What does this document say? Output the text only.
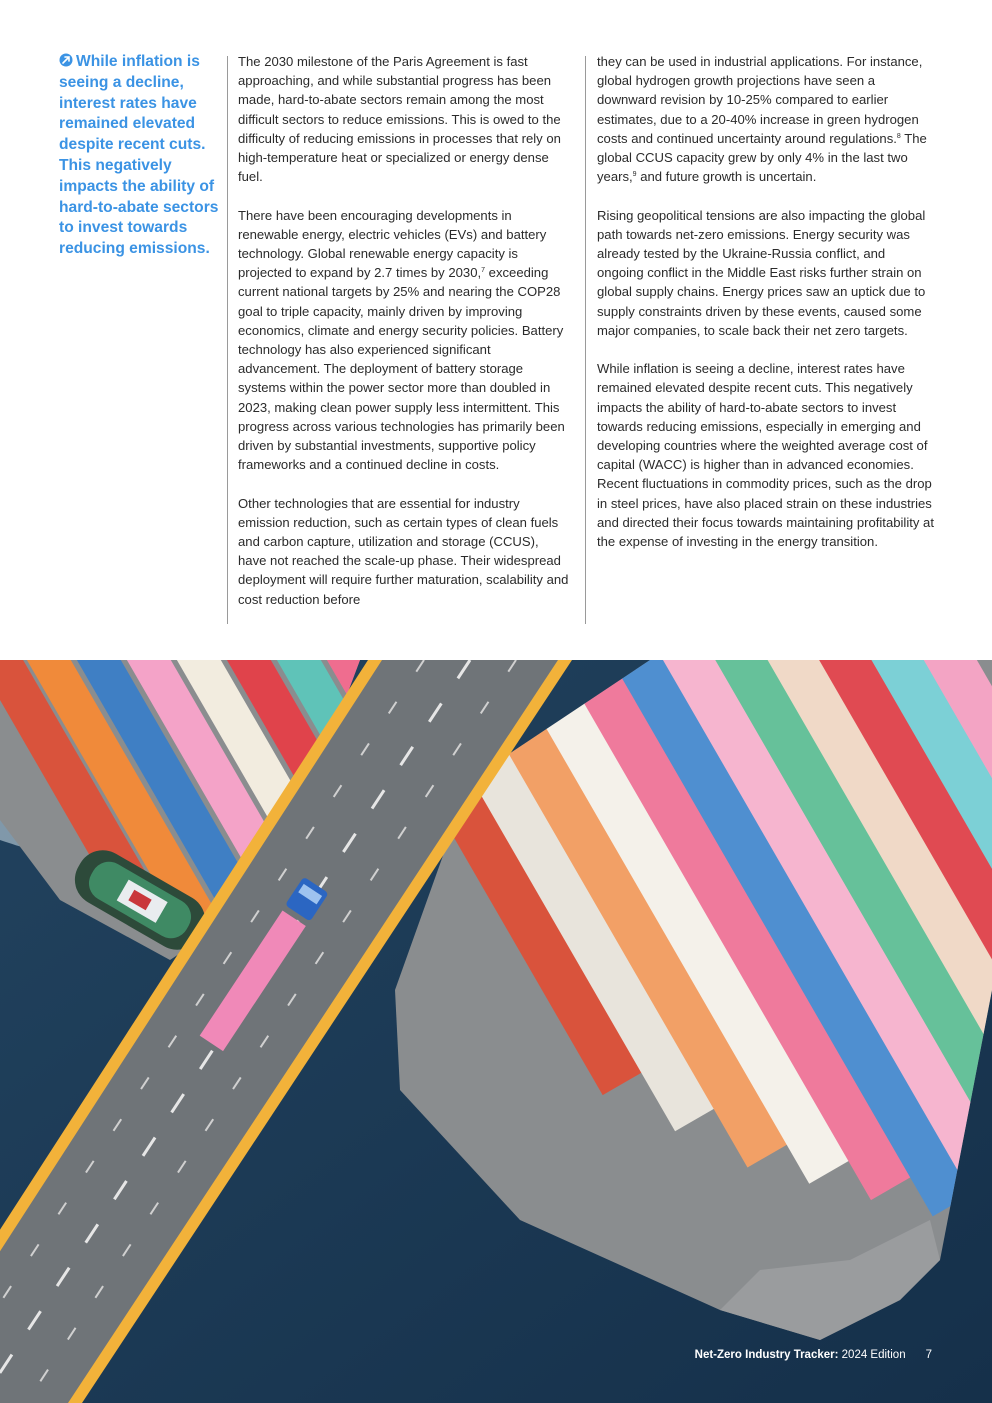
While inflation is seeing a decline, interest rates have remained elevated despite recent cuts. This negatively impacts the ability of hard-to-abate sectors to invest towards reducing emissions.

The 2030 milestone of the Paris Agreement is fast approaching, and while substantial progress has been made, hard-to-abate sectors remain among the most difficult sectors to reduce emissions. This is owed to the difficulty of reducing emissions in processes that rely on high-temperature heat or specialized or energy dense fuel.

There have been encouraging developments in renewable energy, electric vehicles (EVs) and battery technology. Global renewable energy capacity is projected to expand by 2.7 times by 2030,$^7$ exceeding current national targets by 25% and nearing the COP28 goal to triple capacity, mainly driven by improving economics, climate and energy security policies. Battery technology has also experienced significant advancement. The deployment of battery storage systems within the power sector more than doubled in 2023, making clean power supply less intermittent. This progress across various technologies has primarily been driven by substantial investments, supportive policy frameworks and a continued decline in costs.

Other technologies that are essential for industry emission reduction, such as certain types of clean fuels and carbon capture, utilization and storage (CCUS), have not reached the scale-up phase. Their widespread deployment will require further maturation, scalability and cost reduction before

they can be used in industrial applications. For instance, global hydrogen growth projections have seen a downward revision by 10-25% compared to earlier estimates, due to a 20-40% increase in green hydrogen costs and continued uncertainty around regulations.$^8$ The global CCUS capacity grew by only 4% in the last two years,$^9$ and future growth is uncertain.

Rising geopolitical tensions are also impacting the global path towards net-zero emissions. Energy security was already tested by the Ukraine-Russia conflict, and ongoing conflict in the Middle East risks further strain on global supply chains. Energy prices saw an uptick due to supply constraints driven by these events, caused some major companies, to scale back their net zero targets.

While inflation is seeing a decline, interest rates have remained elevated despite recent cuts. This negatively impacts the ability of hard-to-abate sectors to invest towards reducing emissions, especially in emerging and developing countries where the weighted average cost of capital (WACC) is higher than in advanced economies. Recent fluctuations in commodity prices, such as the drop in steel prices, have also placed strain on these industries and directed their focus towards maintaining profitability at the expense of investing in the energy transition.

Net-Zero Industry Tracker: 2024 Edition 7
